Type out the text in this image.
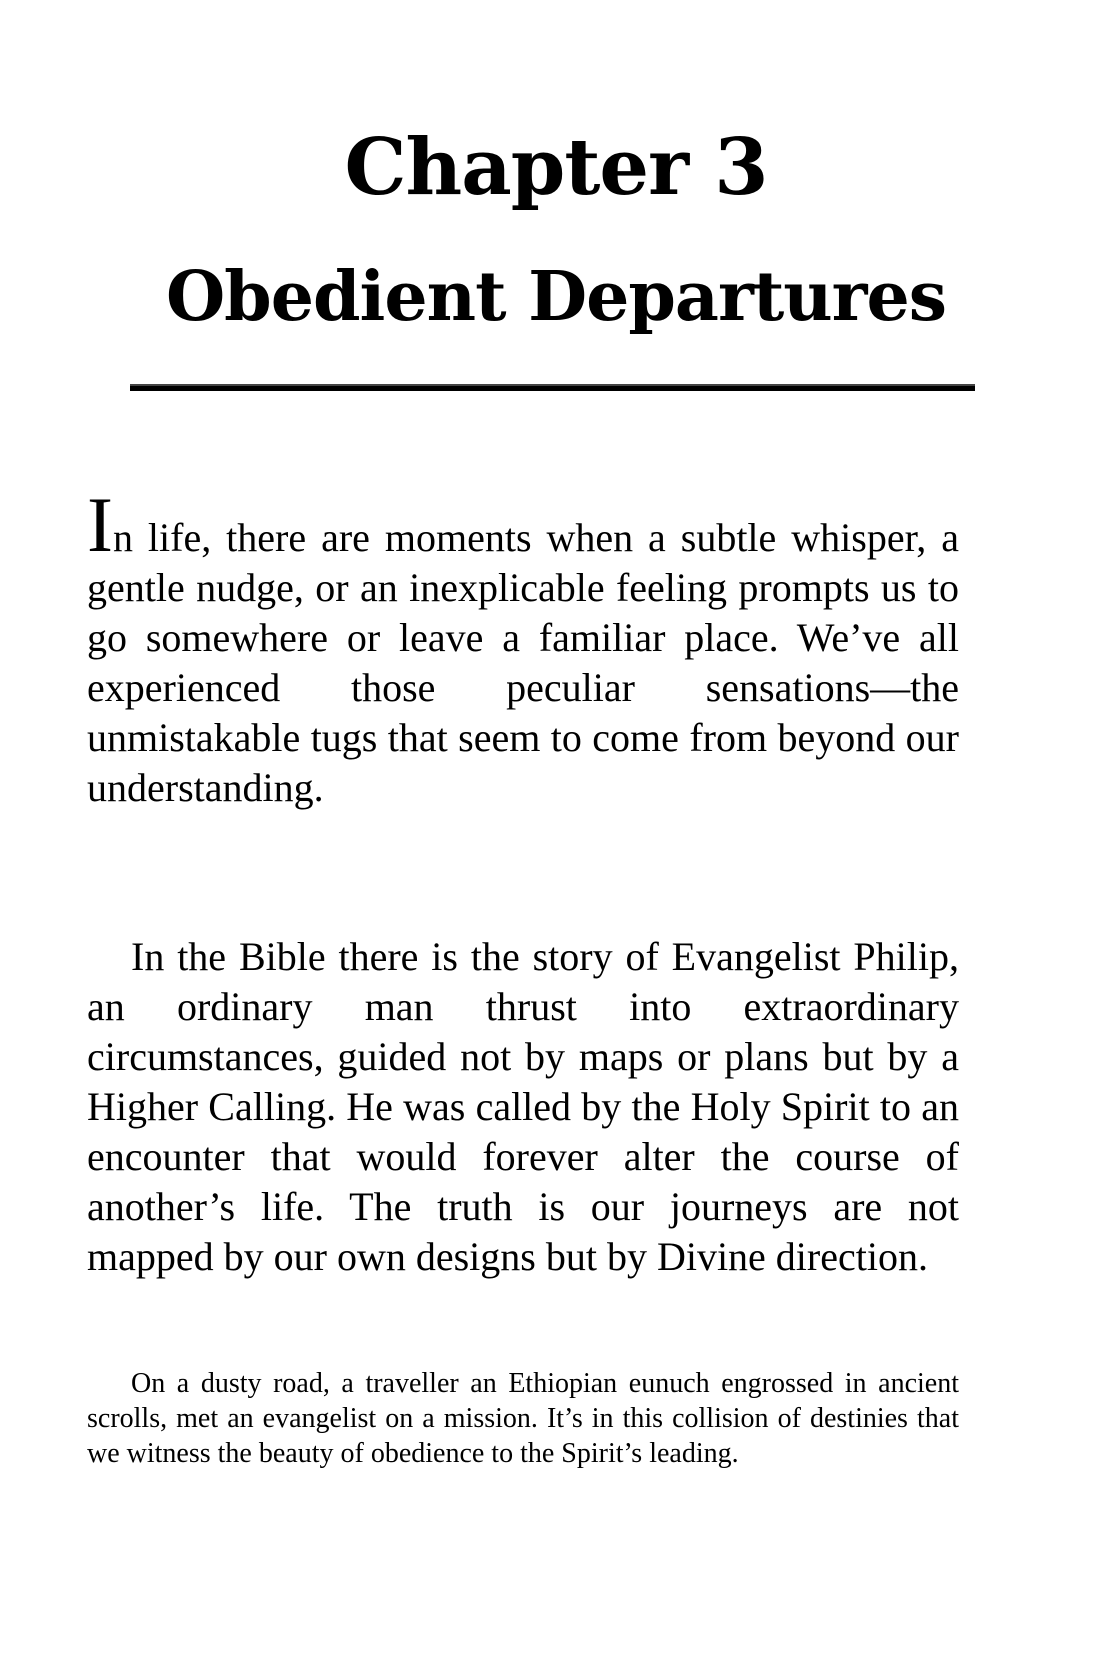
Chapter 3
Obedient Departures

In life, there are moments when a subtle whisper, a gentle nudge, or an inexplicable feeling prompts us to go somewhere or leave a familiar place. We’ve all experienced those peculiar sensations—the unmistakable tugs that seem to come from beyond our understanding.

In the Bible there is the story of Evangelist Philip, an ordinary man thrust into extraordinary circumstances, guided not by maps or plans but by a Higher Calling. He was called by the Holy Spirit to an encounter that would forever alter the course of another’s life. The truth is our journeys are not mapped by our own designs but by Divine direction.

On a dusty road, a traveller an Ethiopian eunuch engrossed in ancient scrolls, met an evangelist on a mission. It’s in this collision of destinies that we witness the beauty of obedience to the Spirit’s leading.
